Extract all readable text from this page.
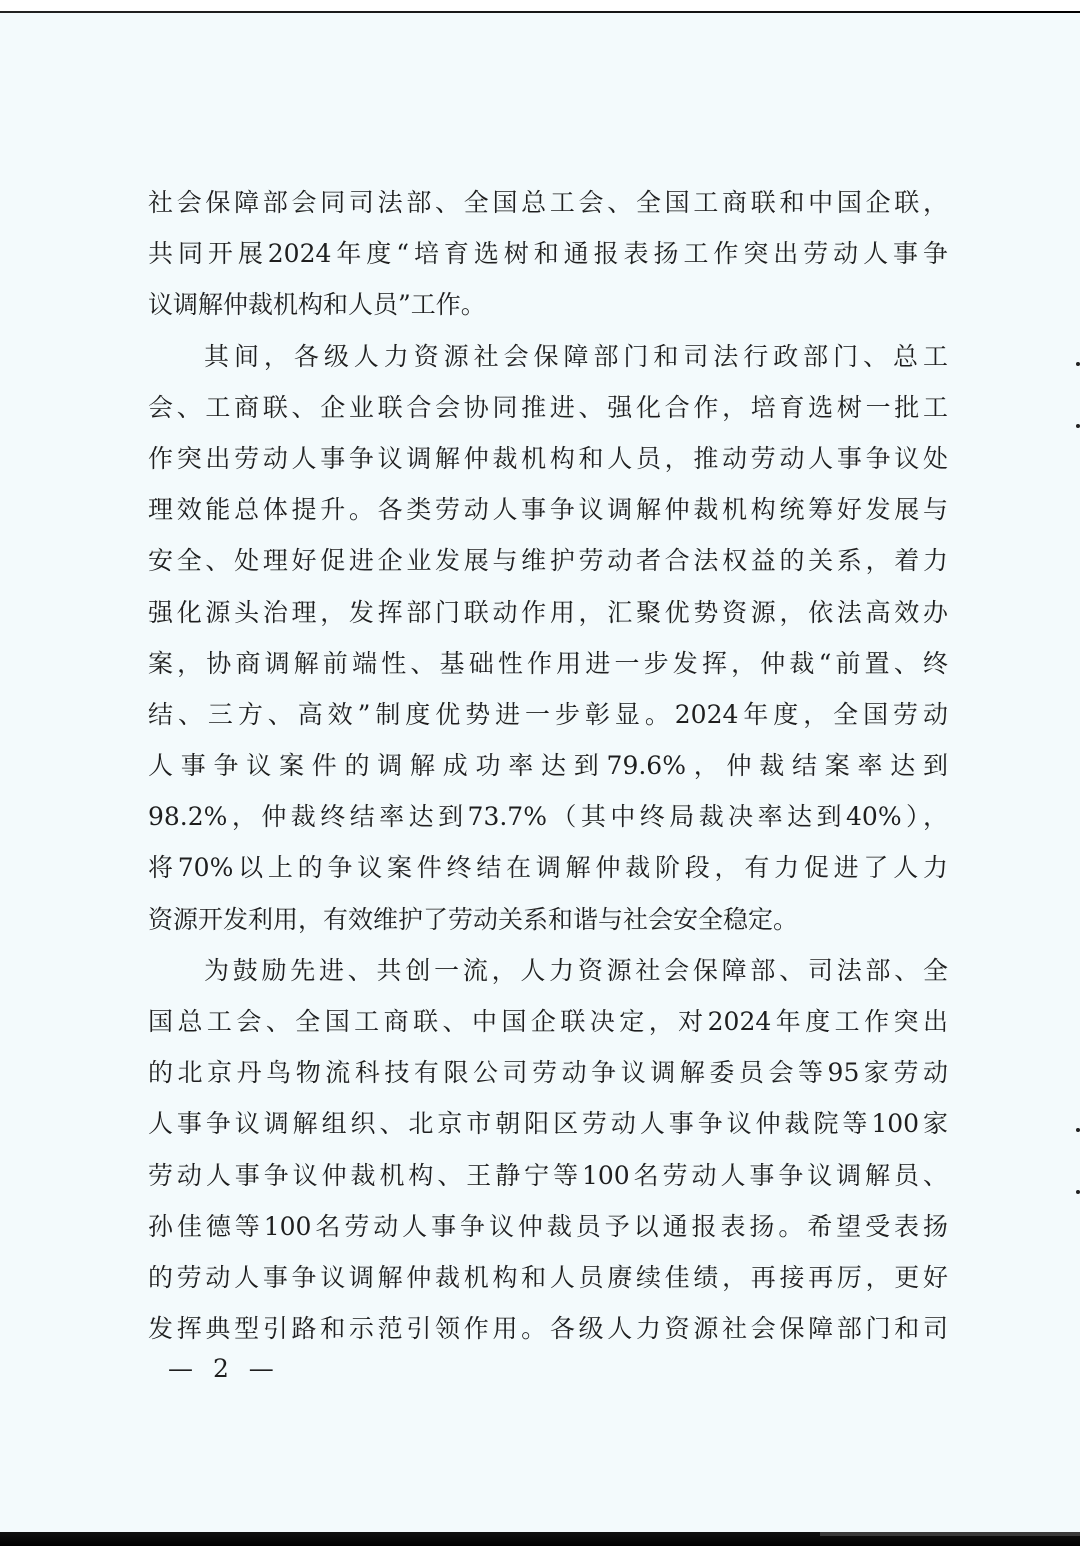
社会保障部会同司法部、全国总工会、全国工商联和中国企联，
共同开展2024年度“培育选树和通报表扬工作突出劳动人事争
议调解仲裁机构和人员”工作。
其间，各级人力资源社会保障部门和司法行政部门、总工
会、工商联、企业联合会协同推进、强化合作，培育选树一批工
作突出劳动人事争议调解仲裁机构和人员，推动劳动人事争议处
理效能总体提升。各类劳动人事争议调解仲裁机构统筹好发展与
安全、处理好促进企业发展与维护劳动者合法权益的关系，着力
强化源头治理，发挥部门联动作用，汇聚优势资源，依法高效办
案，协商调解前端性、基础性作用进一步发挥，仲裁“前置、终
结、三方、高效”制度优势进一步彰显。2024年度，全国劳动
人事争议案件的调解成功率达到79.6%，仲裁结案率达到
98.2%，仲裁终结率达到73.7%（其中终局裁决率达到40%），
将70%以上的争议案件终结在调解仲裁阶段，有力促进了人力
资源开发利用，有效维护了劳动关系和谐与社会安全稳定。
为鼓励先进、共创一流，人力资源社会保障部、司法部、全
国总工会、全国工商联、中国企联决定，对2024年度工作突出
的北京丹鸟物流科技有限公司劳动争议调解委员会等95家劳动
人事争议调解组织、北京市朝阳区劳动人事争议仲裁院等100家
劳动人事争议仲裁机构、王静宁等100名劳动人事争议调解员、
孙佳德等100名劳动人事争议仲裁员予以通报表扬。希望受表扬
的劳动人事争议调解仲裁机构和人员赓续佳绩，再接再厉，更好
发挥典型引路和示范引领作用。各级人力资源社会保障部门和司
— 2 —
